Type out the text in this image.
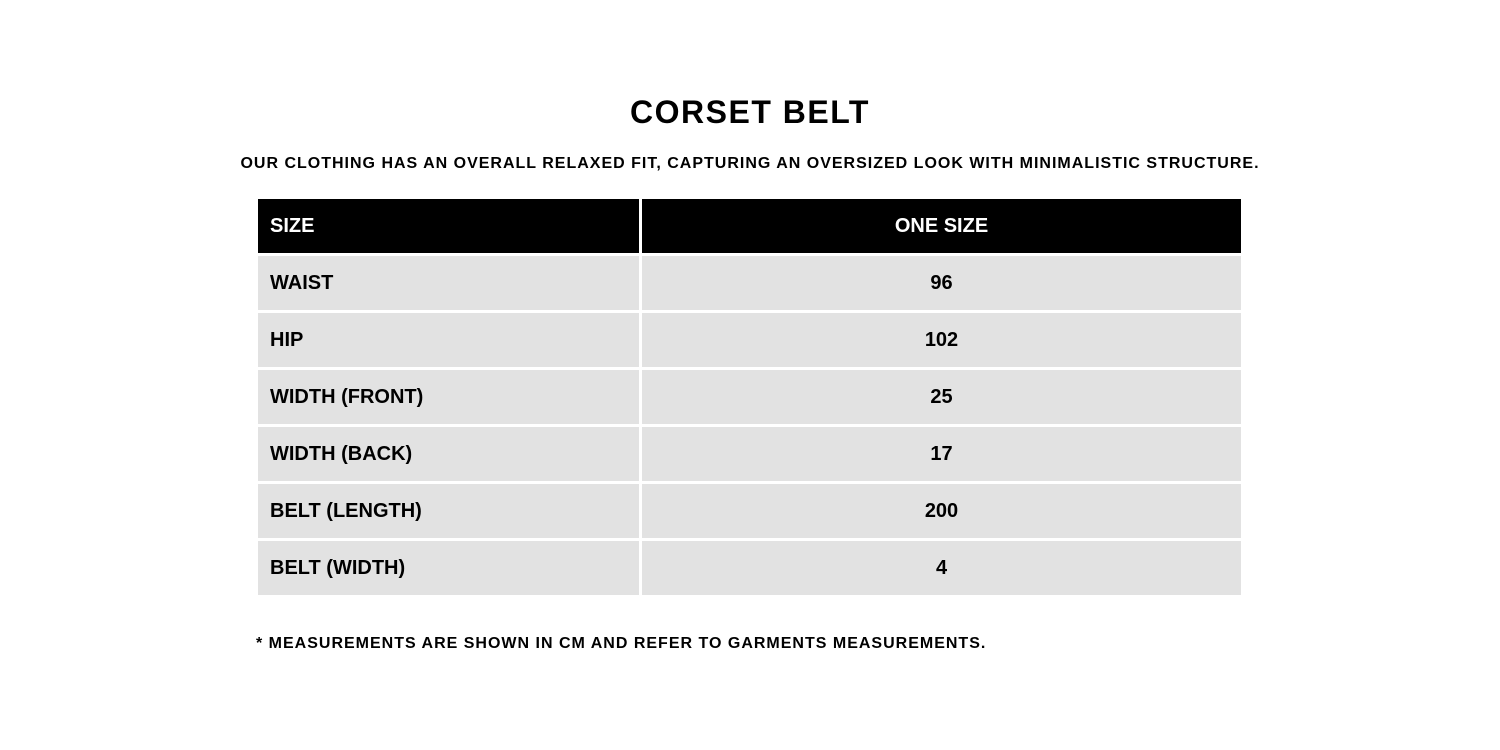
CORSET BELT

OUR CLOTHING HAS AN OVERALL RELAXED FIT, CAPTURING AN OVERSIZED LOOK WITH MINIMALISTIC STRUCTURE.

SIZE	ONE SIZE
WAIST	96
HIP	102
WIDTH (FRONT)	25
WIDTH (BACK)	17
BELT (LENGTH)	200
BELT (WIDTH)	4

* MEASUREMENTS ARE SHOWN IN CM AND REFER TO GARMENTS MEASUREMENTS.
